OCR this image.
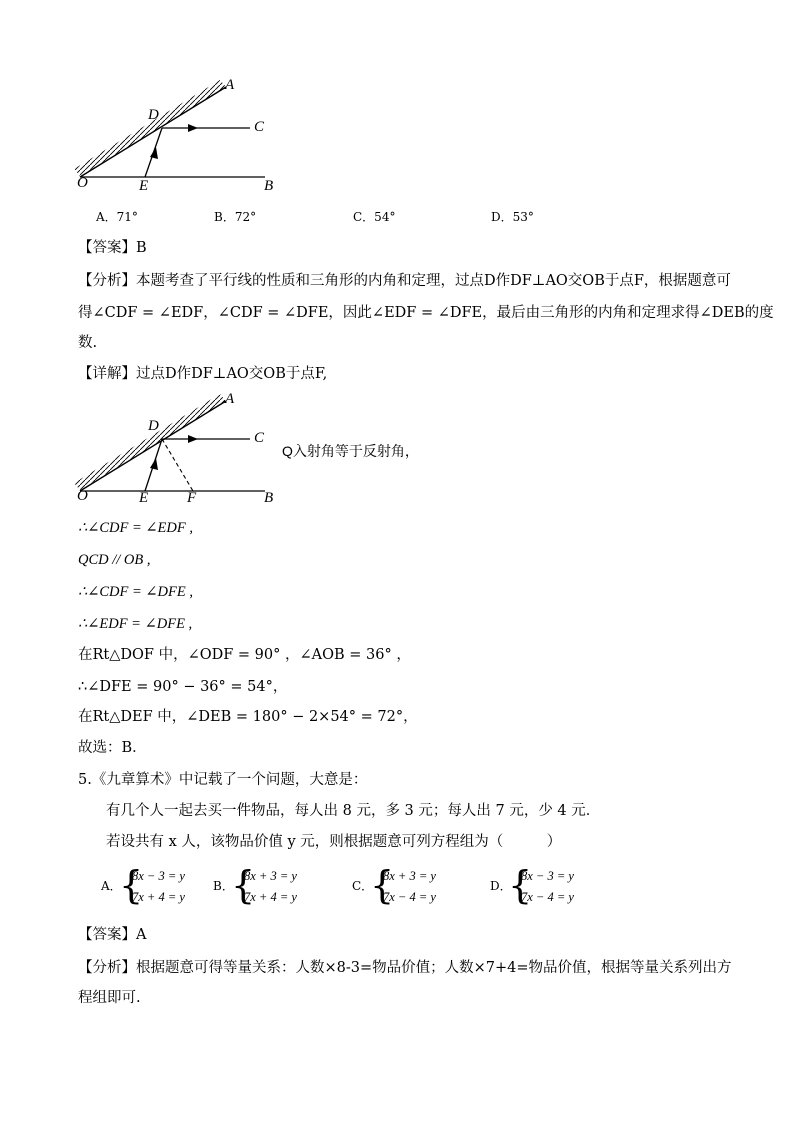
A
D
C
O	E	B
A．71°	B．72°	C．54°	D．53°
【答案】B
【分析】本题考查了平行线的性质和三角形的内角和定理，过点D作DF⊥AO交OB于点F，根据题意可
得∠CDF = ∠EDF，∠CDF = ∠DFE，因此∠EDF = ∠DFE，最后由三角形的内角和定理求得∠DEB的度
数.
【详解】过点D作DF⊥AO交OB于点F,
A
D
C
O	E	F	B
Q入射角等于反射角，
∴∠CDF = ∠EDF ,
QCD // OB ,
∴∠CDF = ∠DFE ,
∴∠EDF = ∠DFE ,
在Rt△DOF 中，∠ODF = 90° ，∠AOB = 36° ，
∴∠DFE = 90° − 36° = 54°，
在Rt△DEF 中，∠DEB = 180° − 2×54° = 72°，
故选：B．
5.《九章算术》中记载了一个问题，大意是：
有几个人一起去买一件物品，每人出 8 元，多 3 元；每人出 7 元，少 4 元．
若设共有 x 人，该物品价值 y 元，则根据题意可列方程组为（　　　）
A．
{
8x − 3 = y
7x + 4 = y
B．
{
8x + 3 = y
7x + 4 = y
C．
{
8x + 3 = y
7x − 4 = y
D．
{
8x − 3 = y
7x − 4 = y
【答案】A
【分析】根据题意可得等量关系：人数×8-3=物品价值；人数×7+4=物品价值，根据等量关系列出方
程组即可.
